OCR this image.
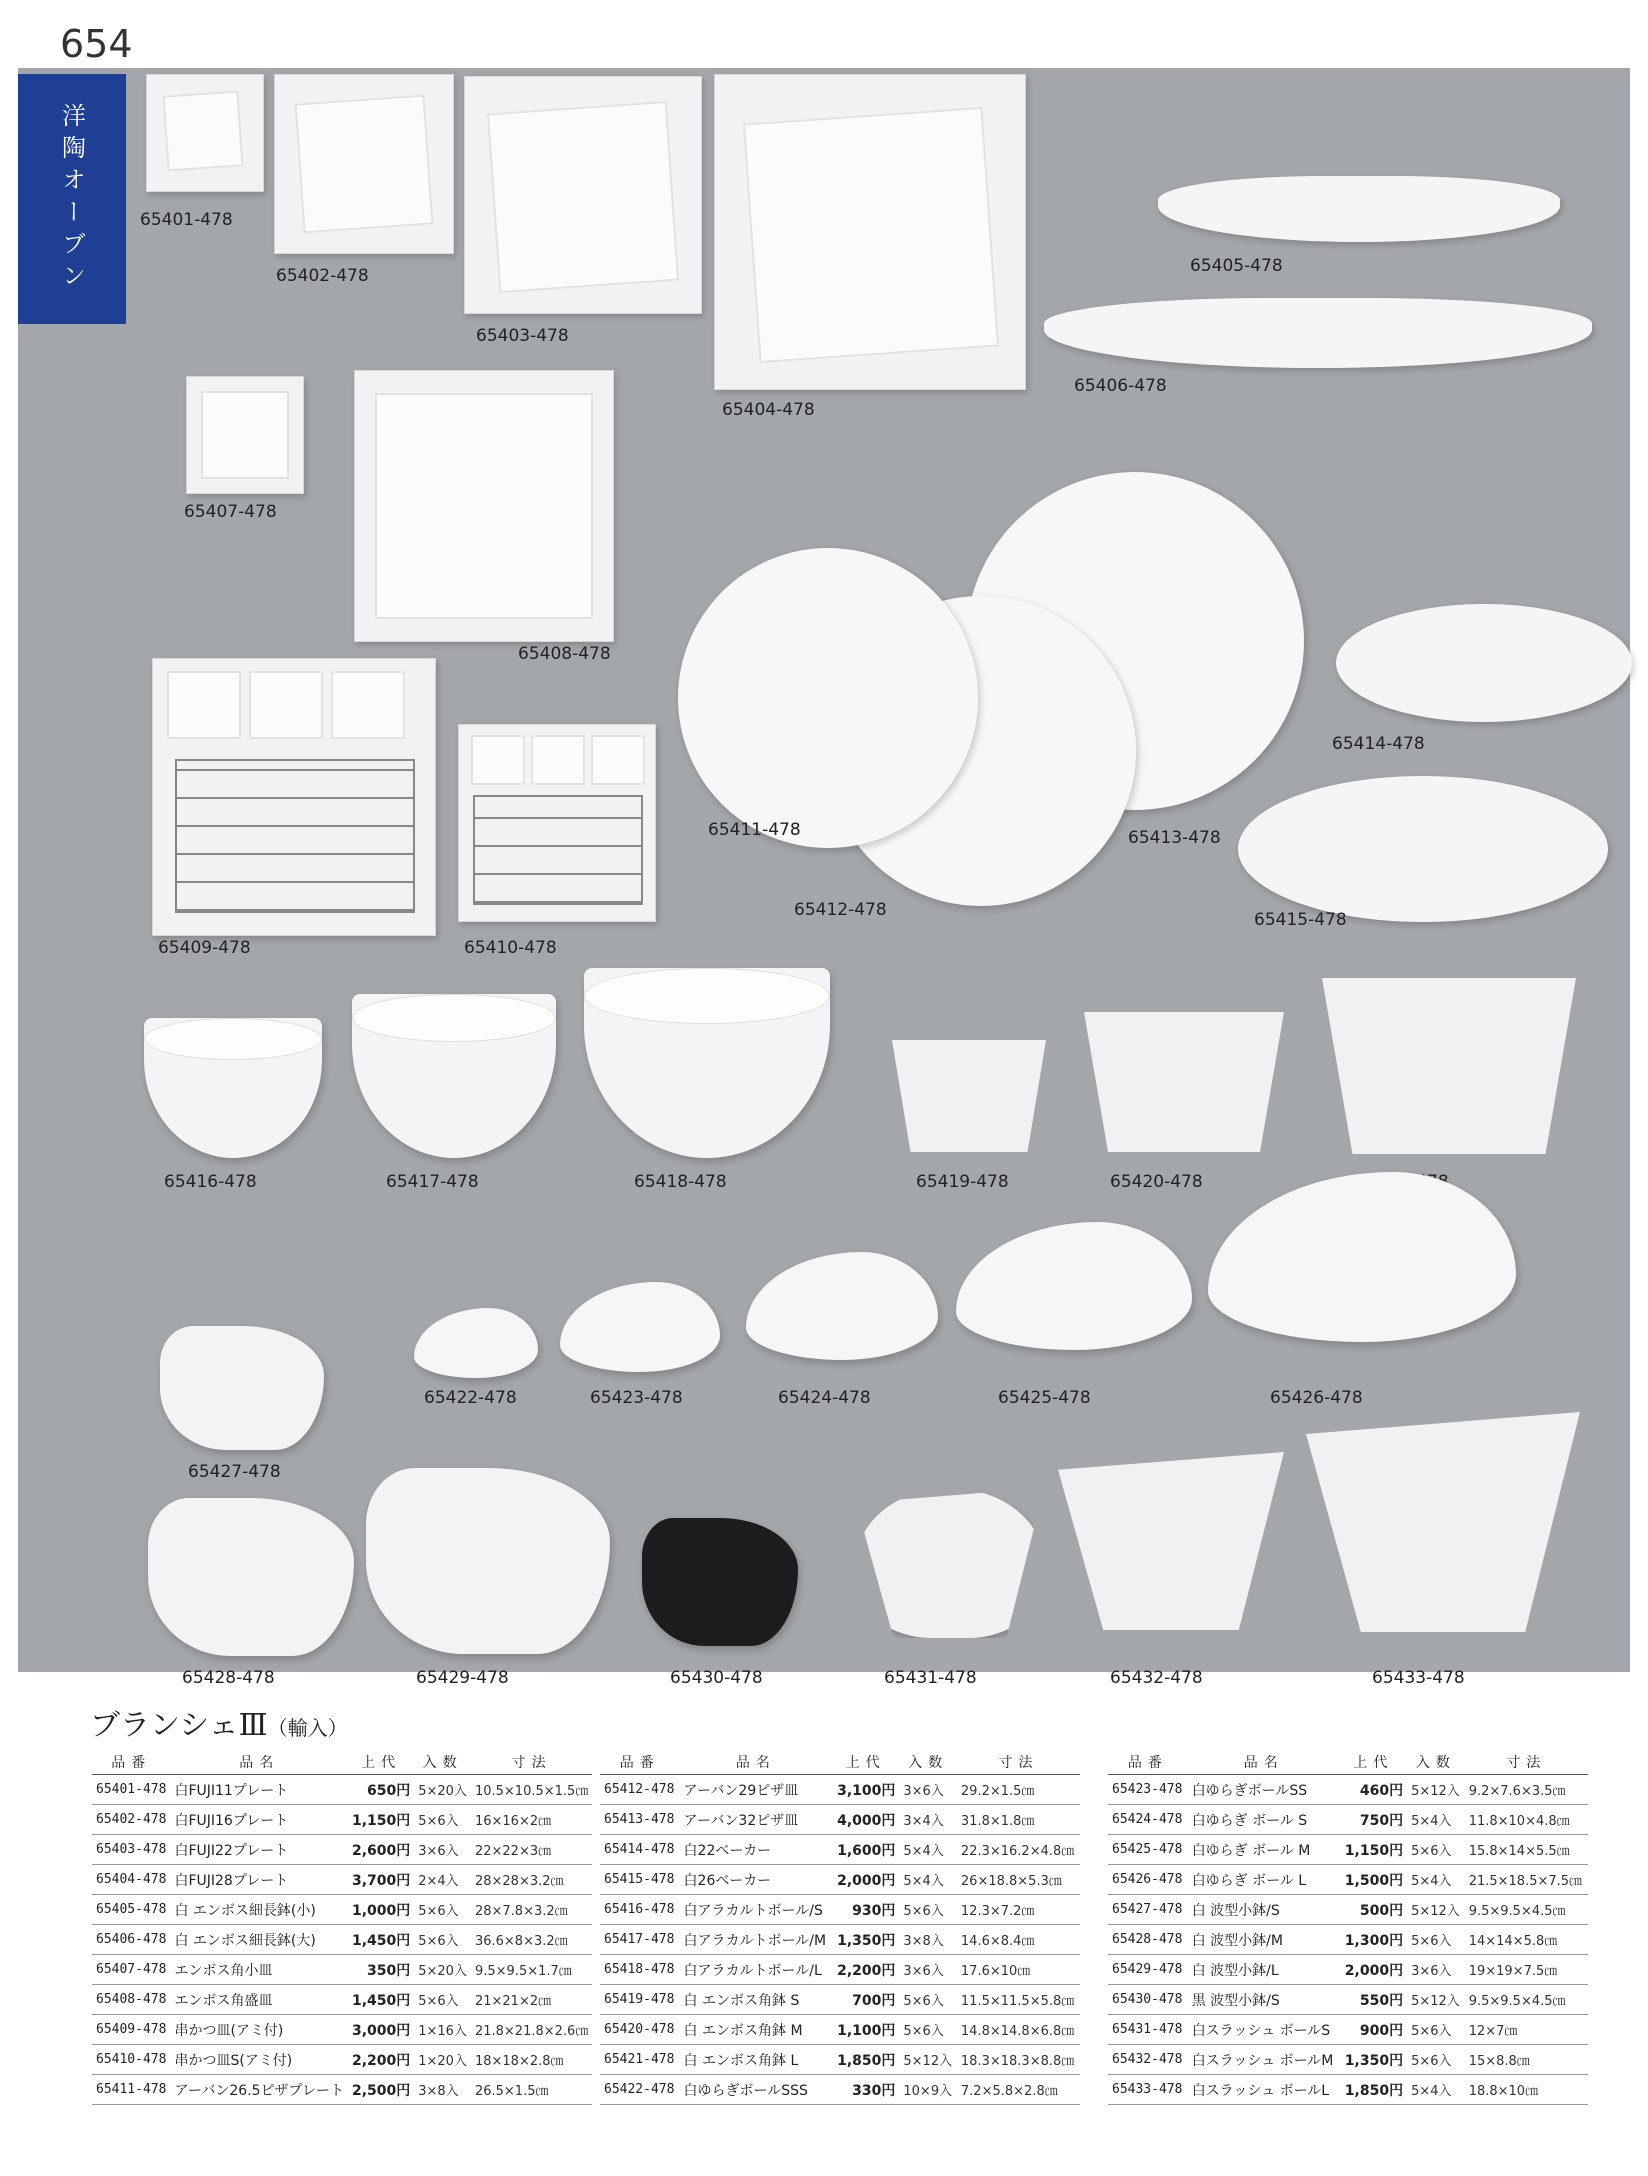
654
洋陶オーブン	65401-478
65402-478
65403-478
65404-478
65405-478
65406-478
65407-478
65408-478
65411-478
65412-478
65413-478
65414-478
65415-478
65409-478	65410-478
65416-478	65417-478	65418-478	65419-478	65420-478
65422-478	65423-478	65424-478	65425-478	65426-478
65427-478
65428-478	65429-478	65430-478	65431-478	65432-478	65433-478
ブランシェⅢ（輸入）
品番	品名	上代	入数	寸法
65401-478	白FUJI11プレート	650円	5×20入	10.5×10.5×1.5㎝
65402-478	白FUJI16プレート	1,150円	5×6入	16×16×2㎝
65403-478	白FUJI22プレート	2,600円	3×6入	22×22×3㎝
65404-478	白FUJI28プレート	3,700円	2×4入	28×28×3.2㎝
65405-478	白 エンボス細長鉢(小)	1,000円	5×6入	28×7.8×3.2㎝
65406-478	白 エンボス細長鉢(大)	1,450円	5×6入	36.6×8×3.2㎝
65407-478	エンボス角小皿	350円	5×20入	9.5×9.5×1.7㎝
65408-478	エンボス角盛皿	1,450円	5×6入	21×21×2㎝
65409-478	串かつ皿(アミ付)	3,000円	1×16入	21.8×21.8×2.6㎝
65410-478	串かつ皿S(アミ付)	2,200円	1×20入	18×18×2.8㎝
65411-478	アーバン26.5ピザプレート	2,500円	3×8入	26.5×1.5㎝
品番	品名	上代	入数	寸法
65412-478	アーバン29ピザ皿	3,100円	3×6入	29.2×1.5㎝
65413-478	アーバン32ピザ皿	4,000円	3×4入	31.8×1.8㎝
65414-478	白22ベーカー	1,600円	5×4入	22.3×16.2×4.8㎝
65415-478	白26ベーカー	2,000円	5×4入	26×18.8×5.3㎝
65416-478	白アラカルトボール/S	930円	5×6入	12.3×7.2㎝
65417-478	白アラカルトボール/M	1,350円	3×8入	14.6×8.4㎝
65418-478	白アラカルトボール/L	2,200円	3×6入	17.6×10㎝
65419-478	白 エンボス角鉢 S	700円	5×6入	11.5×11.5×5.8㎝
65420-478	白 エンボス角鉢 M	1,100円	5×6入	14.8×14.8×6.8㎝
65421-478	白 エンボス角鉢 L	1,850円	5×12入	18.3×18.3×8.8㎝
65422-478	白ゆらぎボールSSS	330円	10×9入	7.2×5.8×2.8㎝
品番	品名	上代	入数	寸法
65423-478	白ゆらぎボールSS	460円	5×12入	9.2×7.6×3.5㎝
65424-478	白ゆらぎ ボール S	750円	5×4入	11.8×10×4.8㎝
65425-478	白ゆらぎ ボール M	1,150円	5×6入	15.8×14×5.5㎝
65426-478	白ゆらぎ ボール L	1,500円	5×4入	21.5×18.5×7.5㎝
65427-478	白 波型小鉢/S	500円	5×12入	9.5×9.5×4.5㎝
65428-478	白 波型小鉢/M	1,300円	5×6入	14×14×5.8㎝
65429-478	白 波型小鉢/L	2,000円	3×6入	19×19×7.5㎝
65430-478	黒 波型小鉢/S	550円	5×12入	9.5×9.5×4.5㎝
65431-478	白スラッシュ ボールS	900円	5×6入	12×7㎝
65432-478	白スラッシュ ボールM	1,350円	5×6入	15×8.8㎝
65433-478	白スラッシュ ボールL	1,850円	5×4入	18.8×10㎝
